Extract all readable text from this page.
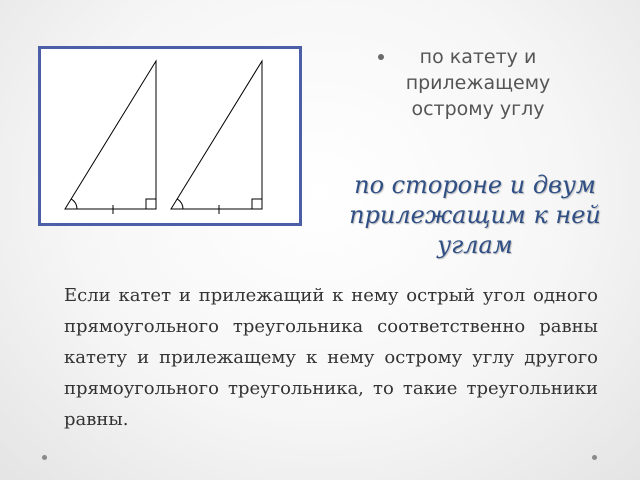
по катету и прилежащему острому углу
по стороне и двум прилежащим к ней углам
Если катет и прилежащий к нему острый угол одного прямоугольного треугольника соответственно равны катету и прилежащему к нему острому углу другого прямоугольного треугольника, то такие треугольники равны.
